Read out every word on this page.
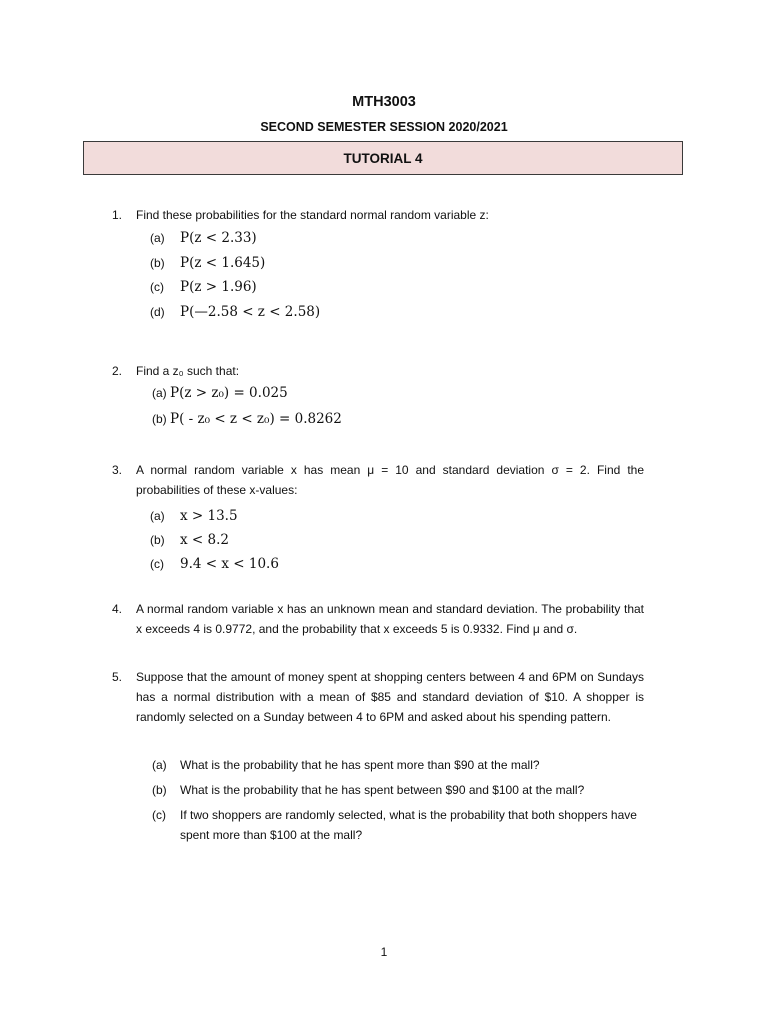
MTH3003
SECOND SEMESTER SESSION 2020/2021
TUTORIAL 4
1.	Find these probabilities for the standard normal random variable z:
(a) P(z < 2.33)
(b) P(z < 1.645)
(c) P(z > 1.96)
(d) P(—2.58 < z < 2.58)
2.	Find a z₀ such that:
(a) P(z > z₀) = 0.025
(b) P( - z₀ < z < z₀) = 0.8262
3.	A normal random variable x has mean μ = 10 and standard deviation σ = 2. Find the probabilities of these x-values:
(a) x > 13.5
(b) x < 8.2
(c) 9.4 < x < 10.6
4.	A normal random variable x has an unknown mean and standard deviation. The probability that x exceeds 4 is 0.9772, and the probability that x exceeds 5 is 0.9332. Find μ and σ.
5.	Suppose that the amount of money spent at shopping centers between 4 and 6PM on Sundays has a normal distribution with a mean of $85 and standard deviation of $10. A shopper is randomly selected on a Sunday between 4 to 6PM and asked about his spending pattern.
(a) What is the probability that he has spent more than $90 at the mall?
(b) What is the probability that he has spent between $90 and $100 at the mall?
(c) If two shoppers are randomly selected, what is the probability that both shoppers have spent more than $100 at the mall?
1
